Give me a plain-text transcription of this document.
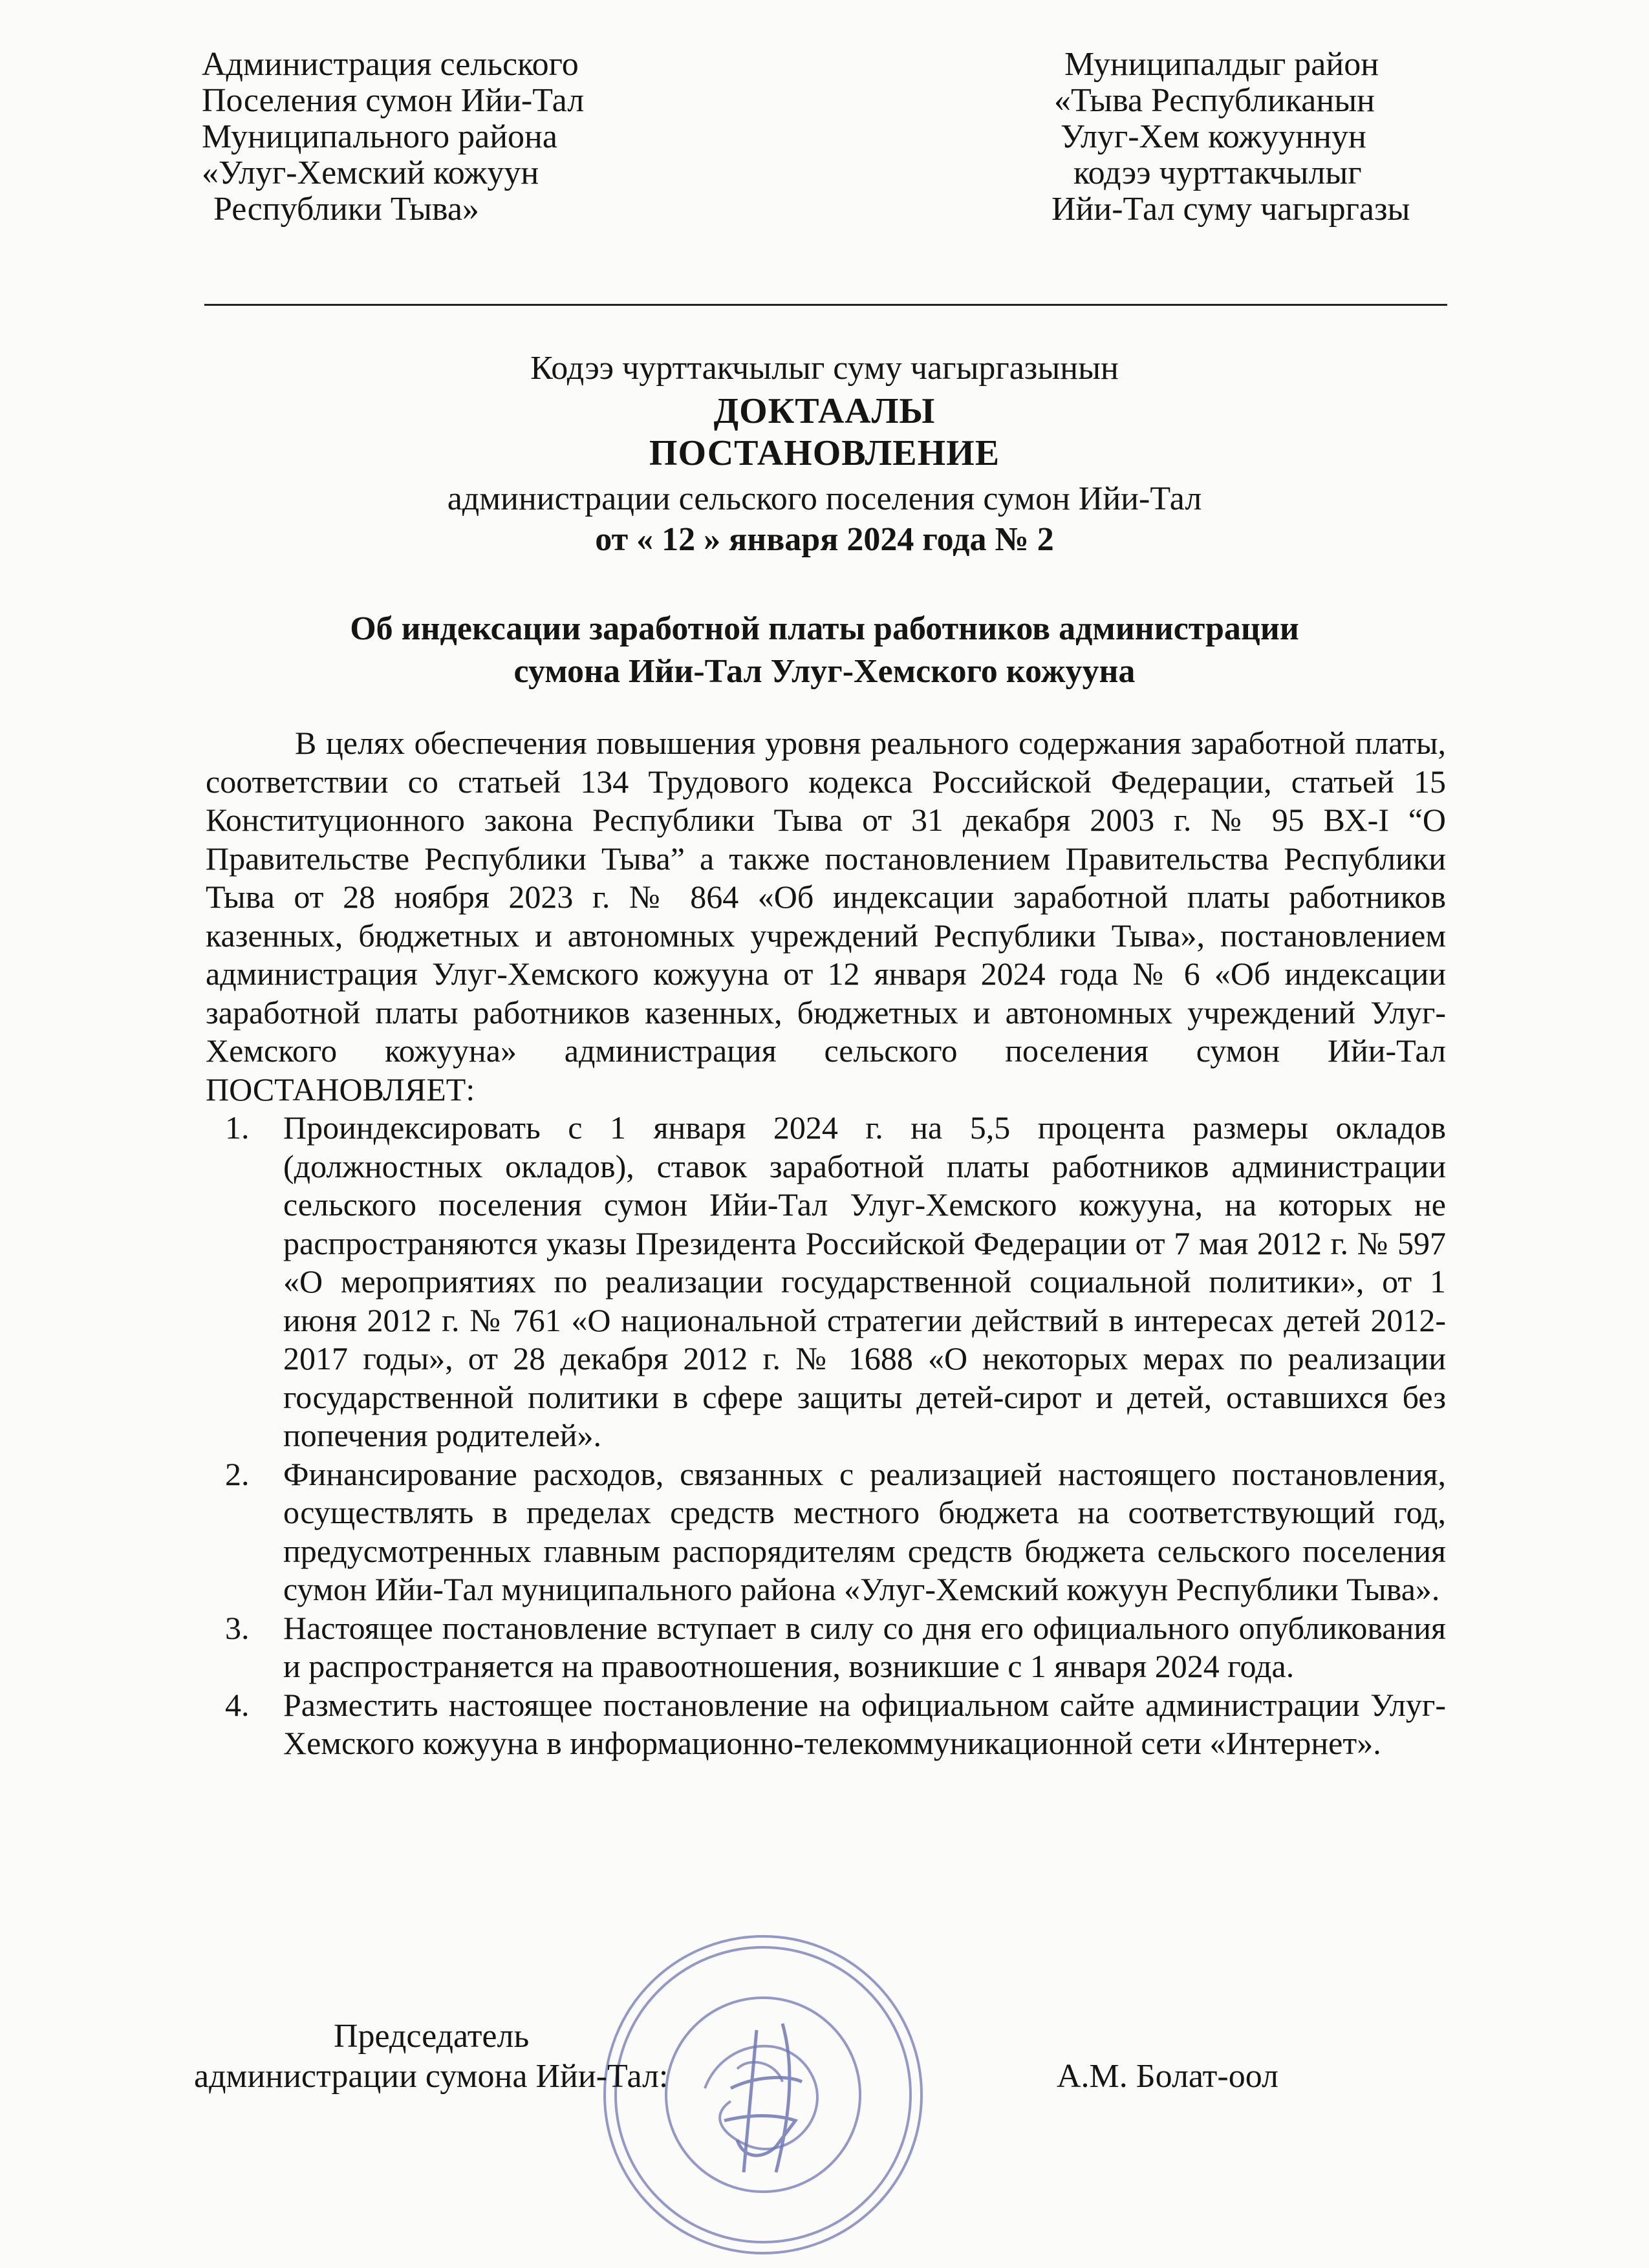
Администрация сельского
Поселения сумон Ийи-Тал
Муниципального района
«Улуг-Хемский кожуун
Республики Тыва»
Муниципалдыг район
«Тыва Республиканын
Улуг-Хем кожууннун
кодээ чурттакчылыг
Ийи-Тал суму чагыргазы
Кодээ чурттакчылыг суму чагыргазынын
ДОКТААЛЫ
ПОСТАНОВЛЕНИЕ
администрации сельского поселения сумон Ийи-Тал
от « 12 » января 2024 года № 2
Об индексации заработной платы работников администрации
сумона Ийи-Тал Улуг-Хемского кожууна

В целях обеспечения повышения уровня реального содержания заработной платы, соответствии со статьей 134 Трудового кодекса Российской Федерации, статьей 15 Конституционного закона Республики Тыва от 31 декабря 2003 г. № 95 ВХ-I “О Правительстве Республики Тыва” а также постановлением Правительства Республики Тыва от 28 ноября 2023 г. № 864 «Об индексации заработной платы работников казенных, бюджетных и автономных учреждений Республики Тыва», постановлением администрация Улуг-Хемского кожууна от 12 января 2024 года № 6 «Об индексации заработной платы работников казенных, бюджетных и автономных учреждений Улуг-Хемского кожууна» администрация сельского поселения сумон Ийи-Тал ПОСТАНОВЛЯЕТ:

1. Проиндексировать с 1 января 2024 г. на 5,5 процента размеры окладов (должностных окладов), ставок заработной платы работников администрации сельского поселения сумон Ийи-Тал Улуг-Хемского кожууна, на которых не распространяются указы Президента Российской Федерации от 7 мая 2012 г. № 597 «О мероприятиях по реализации государственной социальной политики», от 1 июня 2012 г. № 761 «О национальной стратегии действий в интересах детей 2012-2017 годы», от 28 декабря 2012 г. № 1688 «О некоторых мерах по реализации государственной политики в сфере защиты детей-сирот и детей, оставшихся без попечения родителей».
2. Финансирование расходов, связанных с реализацией настоящего постановления, осуществлять в пределах средств местного бюджета на соответствующий год, предусмотренных главным распорядителям средств бюджета сельского поселения сумон Ийи-Тал муниципального района «Улуг-Хемский кожуун Республики Тыва».
3. Настоящее постановление вступает в силу со дня его официального опубликования и распространяется на правоотношения, возникшие с 1 января 2024 года.
4. Разместить настоящее постановление на официальном сайте администрации Улуг-Хемского кожууна в информационно-телекоммуникационной сети «Интернет».
Председатель
администрации сумона Ийи-Тал:	А.М. Болат-оол
